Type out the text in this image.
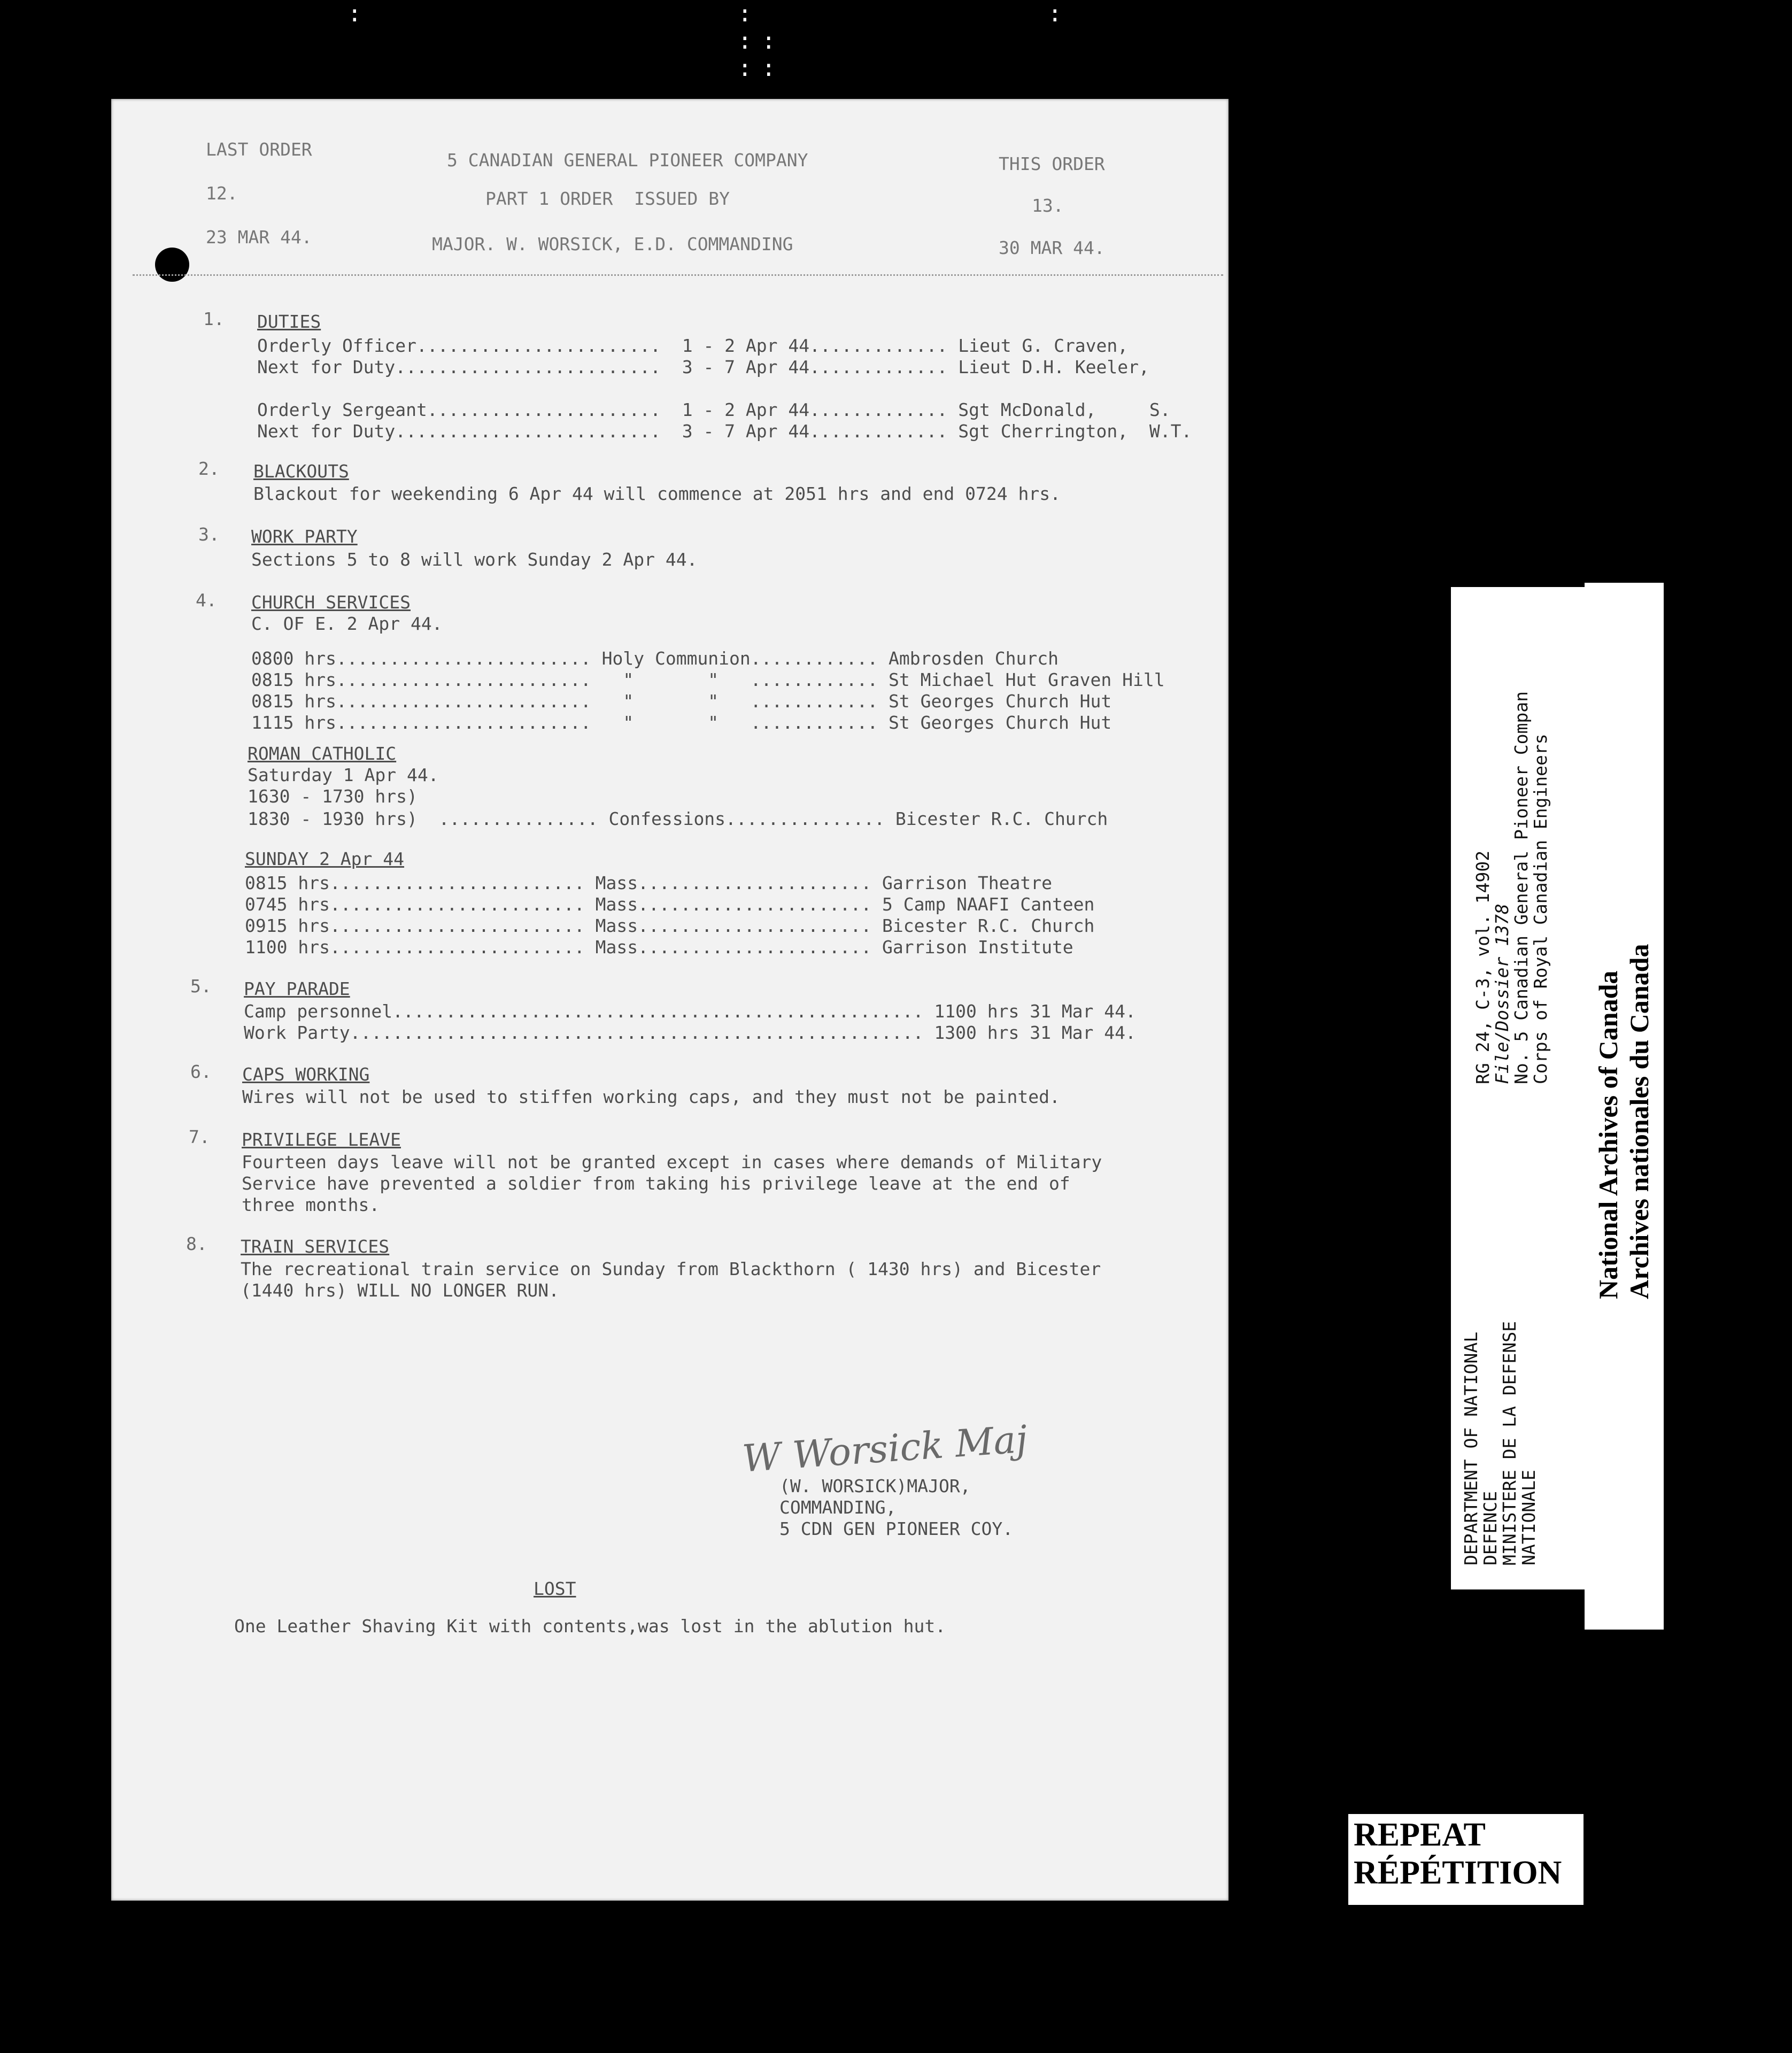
:	: :: ::
:
LAST ORDER
12.
23 MAR 44.
5 CANADIAN GENERAL PIONEER COMPANY
PART 1 ORDER  ISSUED BY
MAJOR. W. WORSICK, E.D. COMMANDING
THIS ORDER
13.
30 MAR 44.
1. DUTIES
Orderly Officer.......................  1 - 2 Apr 44............. Lieut G. Craven,
Next for Duty.........................  3 - 7 Apr 44............. Lieut D.H. Keeler,
Orderly Sergeant......................  1 - 2 Apr 44............. Sgt McDonald,     S.
Next for Duty.........................  3 - 7 Apr 44............. Sgt Cherrington,  W.T.
2. BLACKOUTS
Blackout for weekending 6 Apr 44 will commence at 2051 hrs and end 0724 hrs.
3. WORK PARTY
Sections 5 to 8 will work Sunday 2 Apr 44.
4. CHURCH SERVICES
C. OF E. 2 Apr 44.
0800 hrs........................ Holy Communion............ Ambrosden Church
0815 hrs........................   "       "   ............ St Michael Hut Graven Hill
0815 hrs........................   "       "   ............ St Georges Church Hut
1115 hrs........................   "       "   ............ St Georges Church Hut
ROMAN CATHOLIC
Saturday 1 Apr 44.
1630 - 1730 hrs)
1830 - 1930 hrs)  ............... Confessions............... Bicester R.C. Church
SUNDAY 2 Apr 44
0815 hrs........................ Mass...................... Garrison Theatre
0745 hrs........................ Mass...................... 5 Camp NAAFI Canteen
0915 hrs........................ Mass...................... Bicester R.C. Church
1100 hrs........................ Mass...................... Garrison Institute
5. PAY PARADE
Camp personnel.................................................. 1100 hrs 31 Mar 44.
Work Party...................................................... 1300 hrs 31 Mar 44.
6. CAPS WORKING
Wires will not be used to stiffen working caps, and they must not be painted.
7. PRIVILEGE LEAVE
Fourteen days leave will not be granted except in cases where demands of Military
Service have prevented a soldier from taking his privilege leave at the end of
three months.
8. TRAIN SERVICES
The recreational train service on Sunday from Blackthorn ( 1430 hrs) and Bicester
(1440 hrs) WILL NO LONGER RUN.
W Worsick Maj
(W. WORSICK)MAJOR,
COMMANDING,
5 CDN GEN PIONEER COY.
LOST
One Leather Shaving Kit with contents,was lost in the ablution hut.
DEPARTMENT OF NATIONAL
DEFENCE
MINISTERE DE LA DEFENSE
NATIONALE
RG 24, C-3, vol. 14902
File/Dossier 1378
No. 5 Canadian General Pioneer Compan
Corps of Royal Canadian Engineers
National Archives of Canada Archives nationales du Canada
REPEAT
RÉPÉTITION
